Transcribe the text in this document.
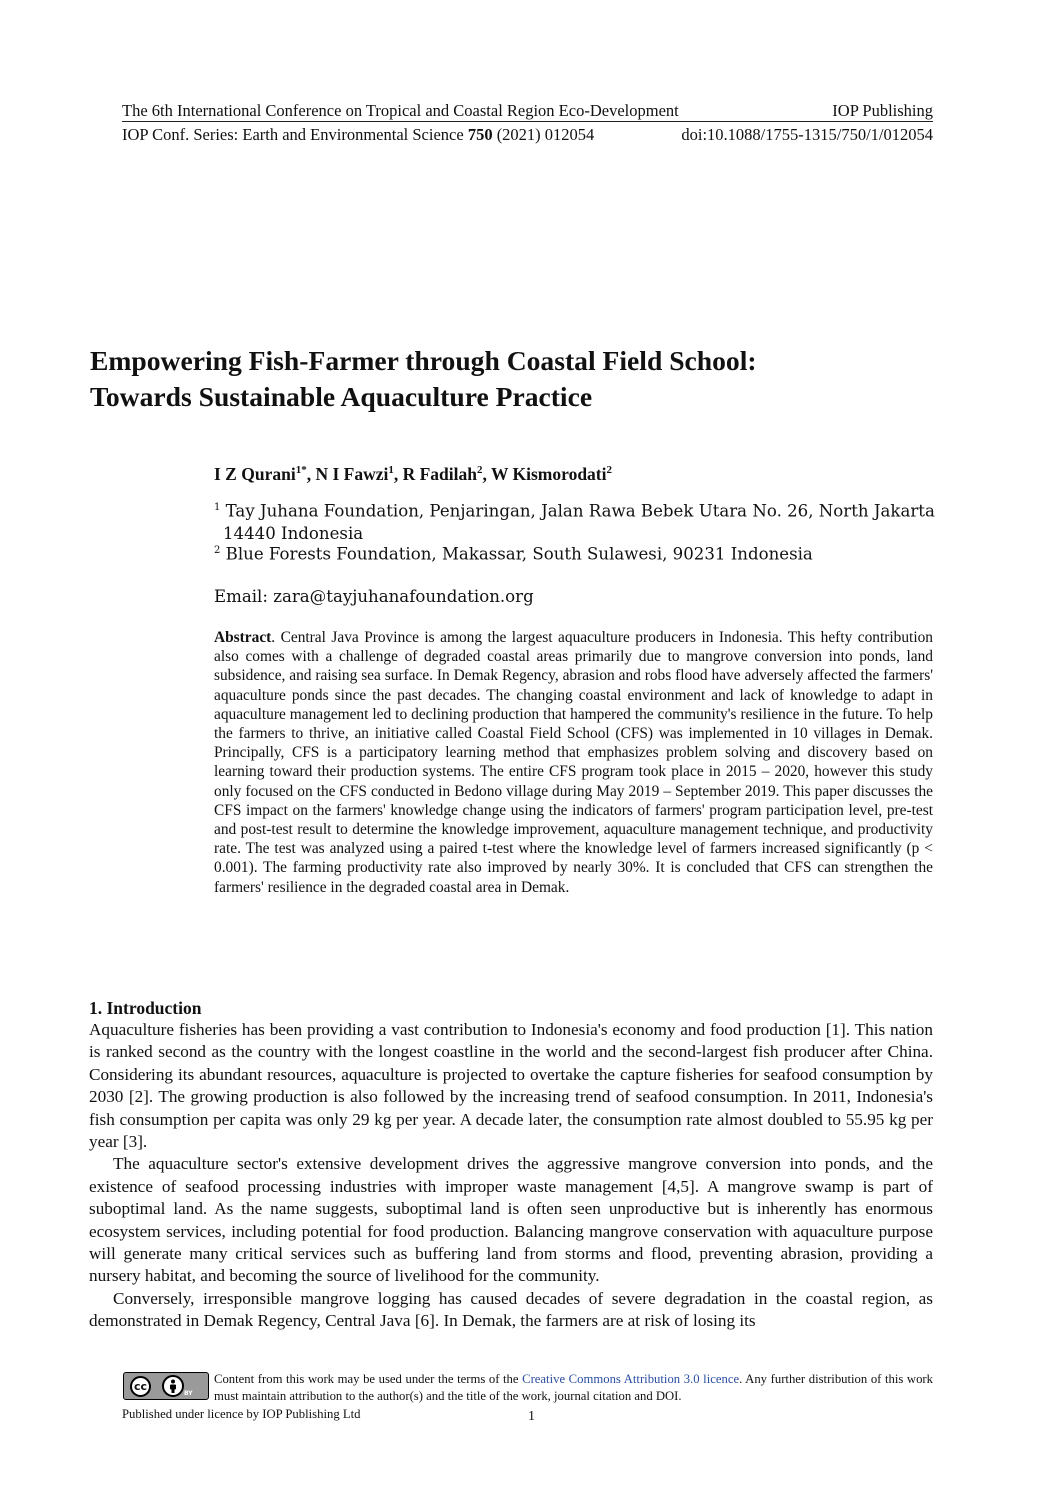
The 6th International Conference on Tropical and Coastal Region Eco-Development	IOP Publishing
IOP Conf. Series: Earth and Environmental Science 750 (2021) 012054	doi:10.1088/1755-1315/750/1/012054
Empowering Fish-Farmer through Coastal Field School:
Towards Sustainable Aquaculture Practice
I Z Qurani$^{1*}$, N I Fawzi$^1$, R Fadilah$^2$, W Kismorodati$^2$
$^1$ Tay Juhana Foundation, Penjaringan, Jalan Rawa Bebek Utara No. 26, North Jakarta
14440 Indonesia
$^2$ Blue Forests Foundation, Makassar, South Sulawesi, 90231 Indonesia
Email: zara@tayjuhanafoundation.org
Abstract. Central Java Province is among the largest aquaculture producers in Indonesia. This hefty contribution also comes with a challenge of degraded coastal areas primarily due to mangrove conversion into ponds, land subsidence, and raising sea surface. In Demak Regency, abrasion and robs flood have adversely affected the farmers' aquaculture ponds since the past decades. The changing coastal environment and lack of knowledge to adapt in aquaculture management led to declining production that hampered the community's resilience in the future. To help the farmers to thrive, an initiative called Coastal Field School (CFS) was implemented in 10 villages in Demak. Principally, CFS is a participatory learning method that emphasizes problem solving and discovery based on learning toward their production systems. The entire CFS program took place in 2015 – 2020, however this study only focused on the CFS conducted in Bedono village during May 2019 – September 2019. This paper discusses the CFS impact on the farmers' knowledge change using the indicators of farmers' program participation level, pre-test and post-test result to determine the knowledge improvement, aquaculture management technique, and productivity rate. The test was analyzed using a paired t-test where the knowledge level of farmers increased significantly (p < 0.001). The farming productivity rate also improved by nearly 30%. It is concluded that CFS can strengthen the farmers' resilience in the degraded coastal area in Demak.
1. Introduction

Aquaculture fisheries has been providing a vast contribution to Indonesia's economy and food production [1]. This nation is ranked second as the country with the longest coastline in the world and the second-largest fish producer after China. Considering its abundant resources, aquaculture is projected to overtake the capture fisheries for seafood consumption by 2030 [2]. The growing production is also followed by the increasing trend of seafood consumption. In 2011, Indonesia's fish consumption per capita was only 29 kg per year. A decade later, the consumption rate almost doubled to 55.95 kg per year [3].

The aquaculture sector's extensive development drives the aggressive mangrove conversion into ponds, and the existence of seafood processing industries with improper waste management [4,5]. A mangrove swamp is part of suboptimal land. As the name suggests, suboptimal land is often seen unproductive but is inherently has enormous ecosystem services, including potential for food production. Balancing mangrove conservation with aquaculture purpose will generate many critical services such as buffering land from storms and flood, preventing abrasion, providing a nursery habitat, and becoming the source of livelihood for the community.

Conversely, irresponsible mangrove logging has caused decades of severe degradation in the coastal region, as demonstrated in Demak Regency, Central Java [6]. In Demak, the farmers are at risk of losing its

cc
BY
Content from this work may be used under the terms of the Creative Commons Attribution 3.0 licence. Any further distribution of this work must maintain attribution to the author(s) and the title of the work, journal citation and DOI.
Published under licence by IOP Publishing Ltd	1
